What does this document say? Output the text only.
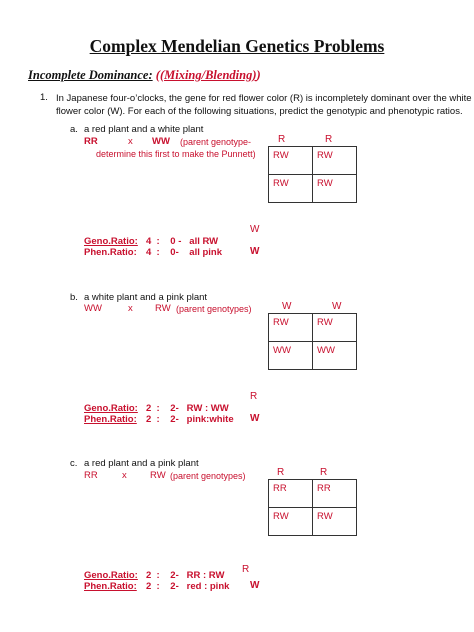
Complex Mendelian Genetics Problems
Incomplete Dominance: ((Mixing/Blending))
1. In Japanese four-o’clocks, the gene for red flower color (R) is incompletely dominant over the white
flower color (W). For each of the following situations, predict the genotypic and phenotypic ratios.
a. a red plant and a white plant
RR	x WW (parent genotype-
determine this first to make the Punnett)
R	R
W
W
RW	RW
RW	RW
Geno.Ratio: 4  :    0 -   all RW
Phen.Ratio: 4  :    0-    all pink
b. a white plant and a pink plant
WW	x RW (parent genotypes)	W	W
R
W
RW	RW
WW	WW
Geno.Ratio: 2  :    2-   RW : WW
Phen.Ratio: 2  :    2-   pink:white
c. a red plant and a pink plant
RR	x RW (parent genotypes)	R	R
R
W
RR	RR
RW	RW
Geno.Ratio: 2  :    2-   RR : RW
Phen.Ratio: 2  :    2-   red : pink
